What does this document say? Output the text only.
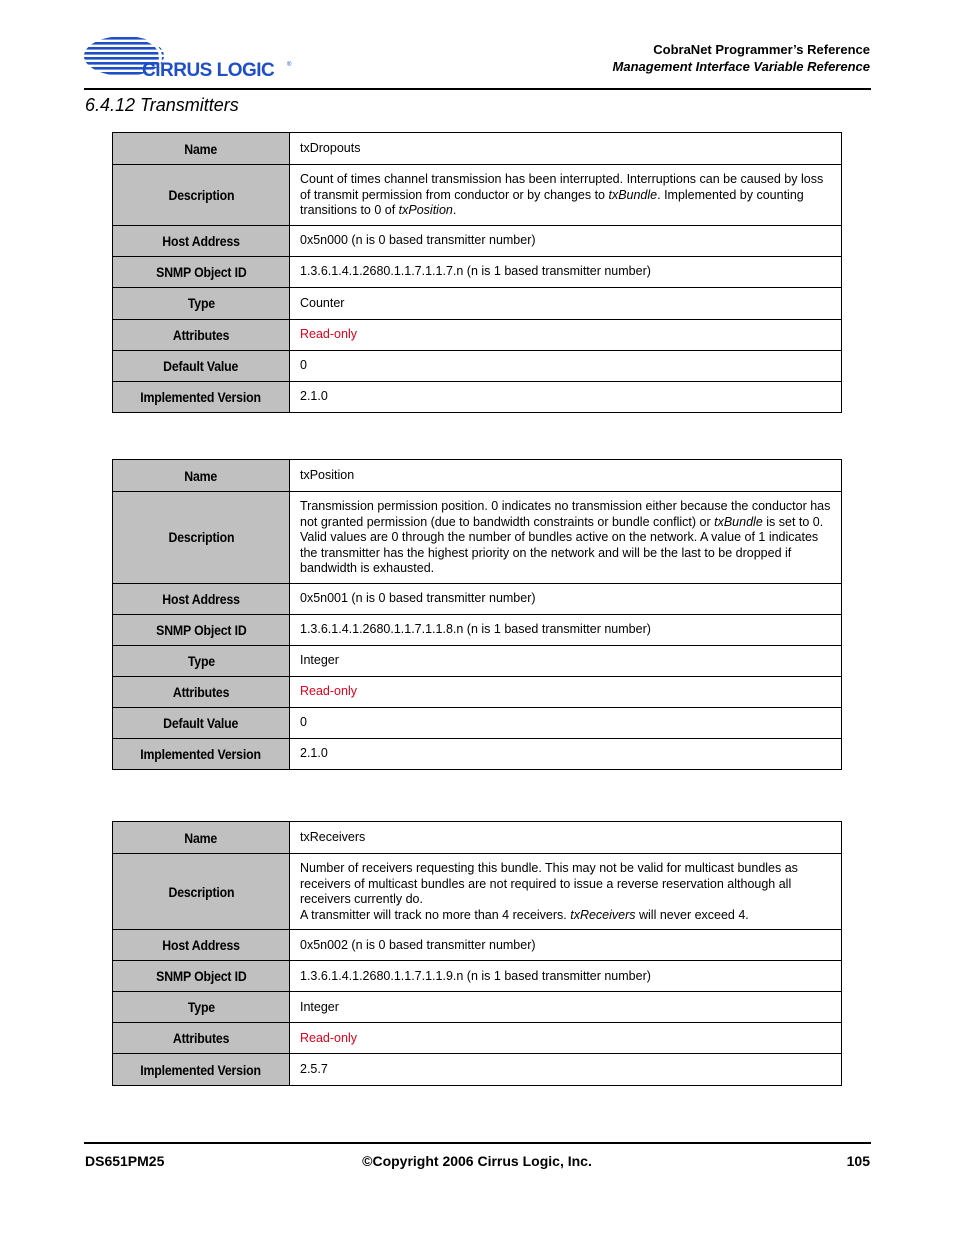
CIRRUS LOGIC ®
CobraNet Programmer’s Reference
Management Interface Variable Reference
6.4.12 Transmitters
Name	txDropouts
Description	Count of times channel transmission has been interrupted. Interruptions can be caused by loss of transmit permission from conductor or by changes to txBundle. Implemented by counting transitions to 0 of txPosition.
Host Address	0x5n000 (n is 0 based transmitter number)
SNMP Object ID	1.3.6.1.4.1.2680.1.1.7.1.1.7.n (n is 1 based transmitter number)
Type	Counter
Attributes	Read-only
Default Value	0
Implemented Version	2.1.0
Name	txPosition
Description	Transmission permission position. 0 indicates no transmission either because the conductor has not granted permission (due to bandwidth constraints or bundle conflict) or txBundle is set to 0. Valid values are 0 through the number of bundles active on the network. A value of 1 indicates the transmitter has the highest priority on the network and will be the last to be dropped if bandwidth is exhausted.
Host Address	0x5n001 (n is 0 based transmitter number)
SNMP Object ID	1.3.6.1.4.1.2680.1.1.7.1.1.8.n (n is 1 based transmitter number)
Type	Integer
Attributes	Read-only
Default Value	0
Implemented Version	2.1.0
Name	txReceivers
Description	Number of receivers requesting this bundle. This may not be valid for multicast bundles as receivers of multicast bundles are not required to issue a reverse reservation although all receivers currently do.
A transmitter will track no more than 4 receivers. txReceivers will never exceed 4.
Host Address	0x5n002 (n is 0 based transmitter number)
SNMP Object ID	1.3.6.1.4.1.2680.1.1.7.1.1.9.n (n is 1 based transmitter number)
Type	Integer
Attributes	Read-only
Implemented Version	2.5.7
DS651PM25	©Copyright 2006 Cirrus Logic, Inc.	105
